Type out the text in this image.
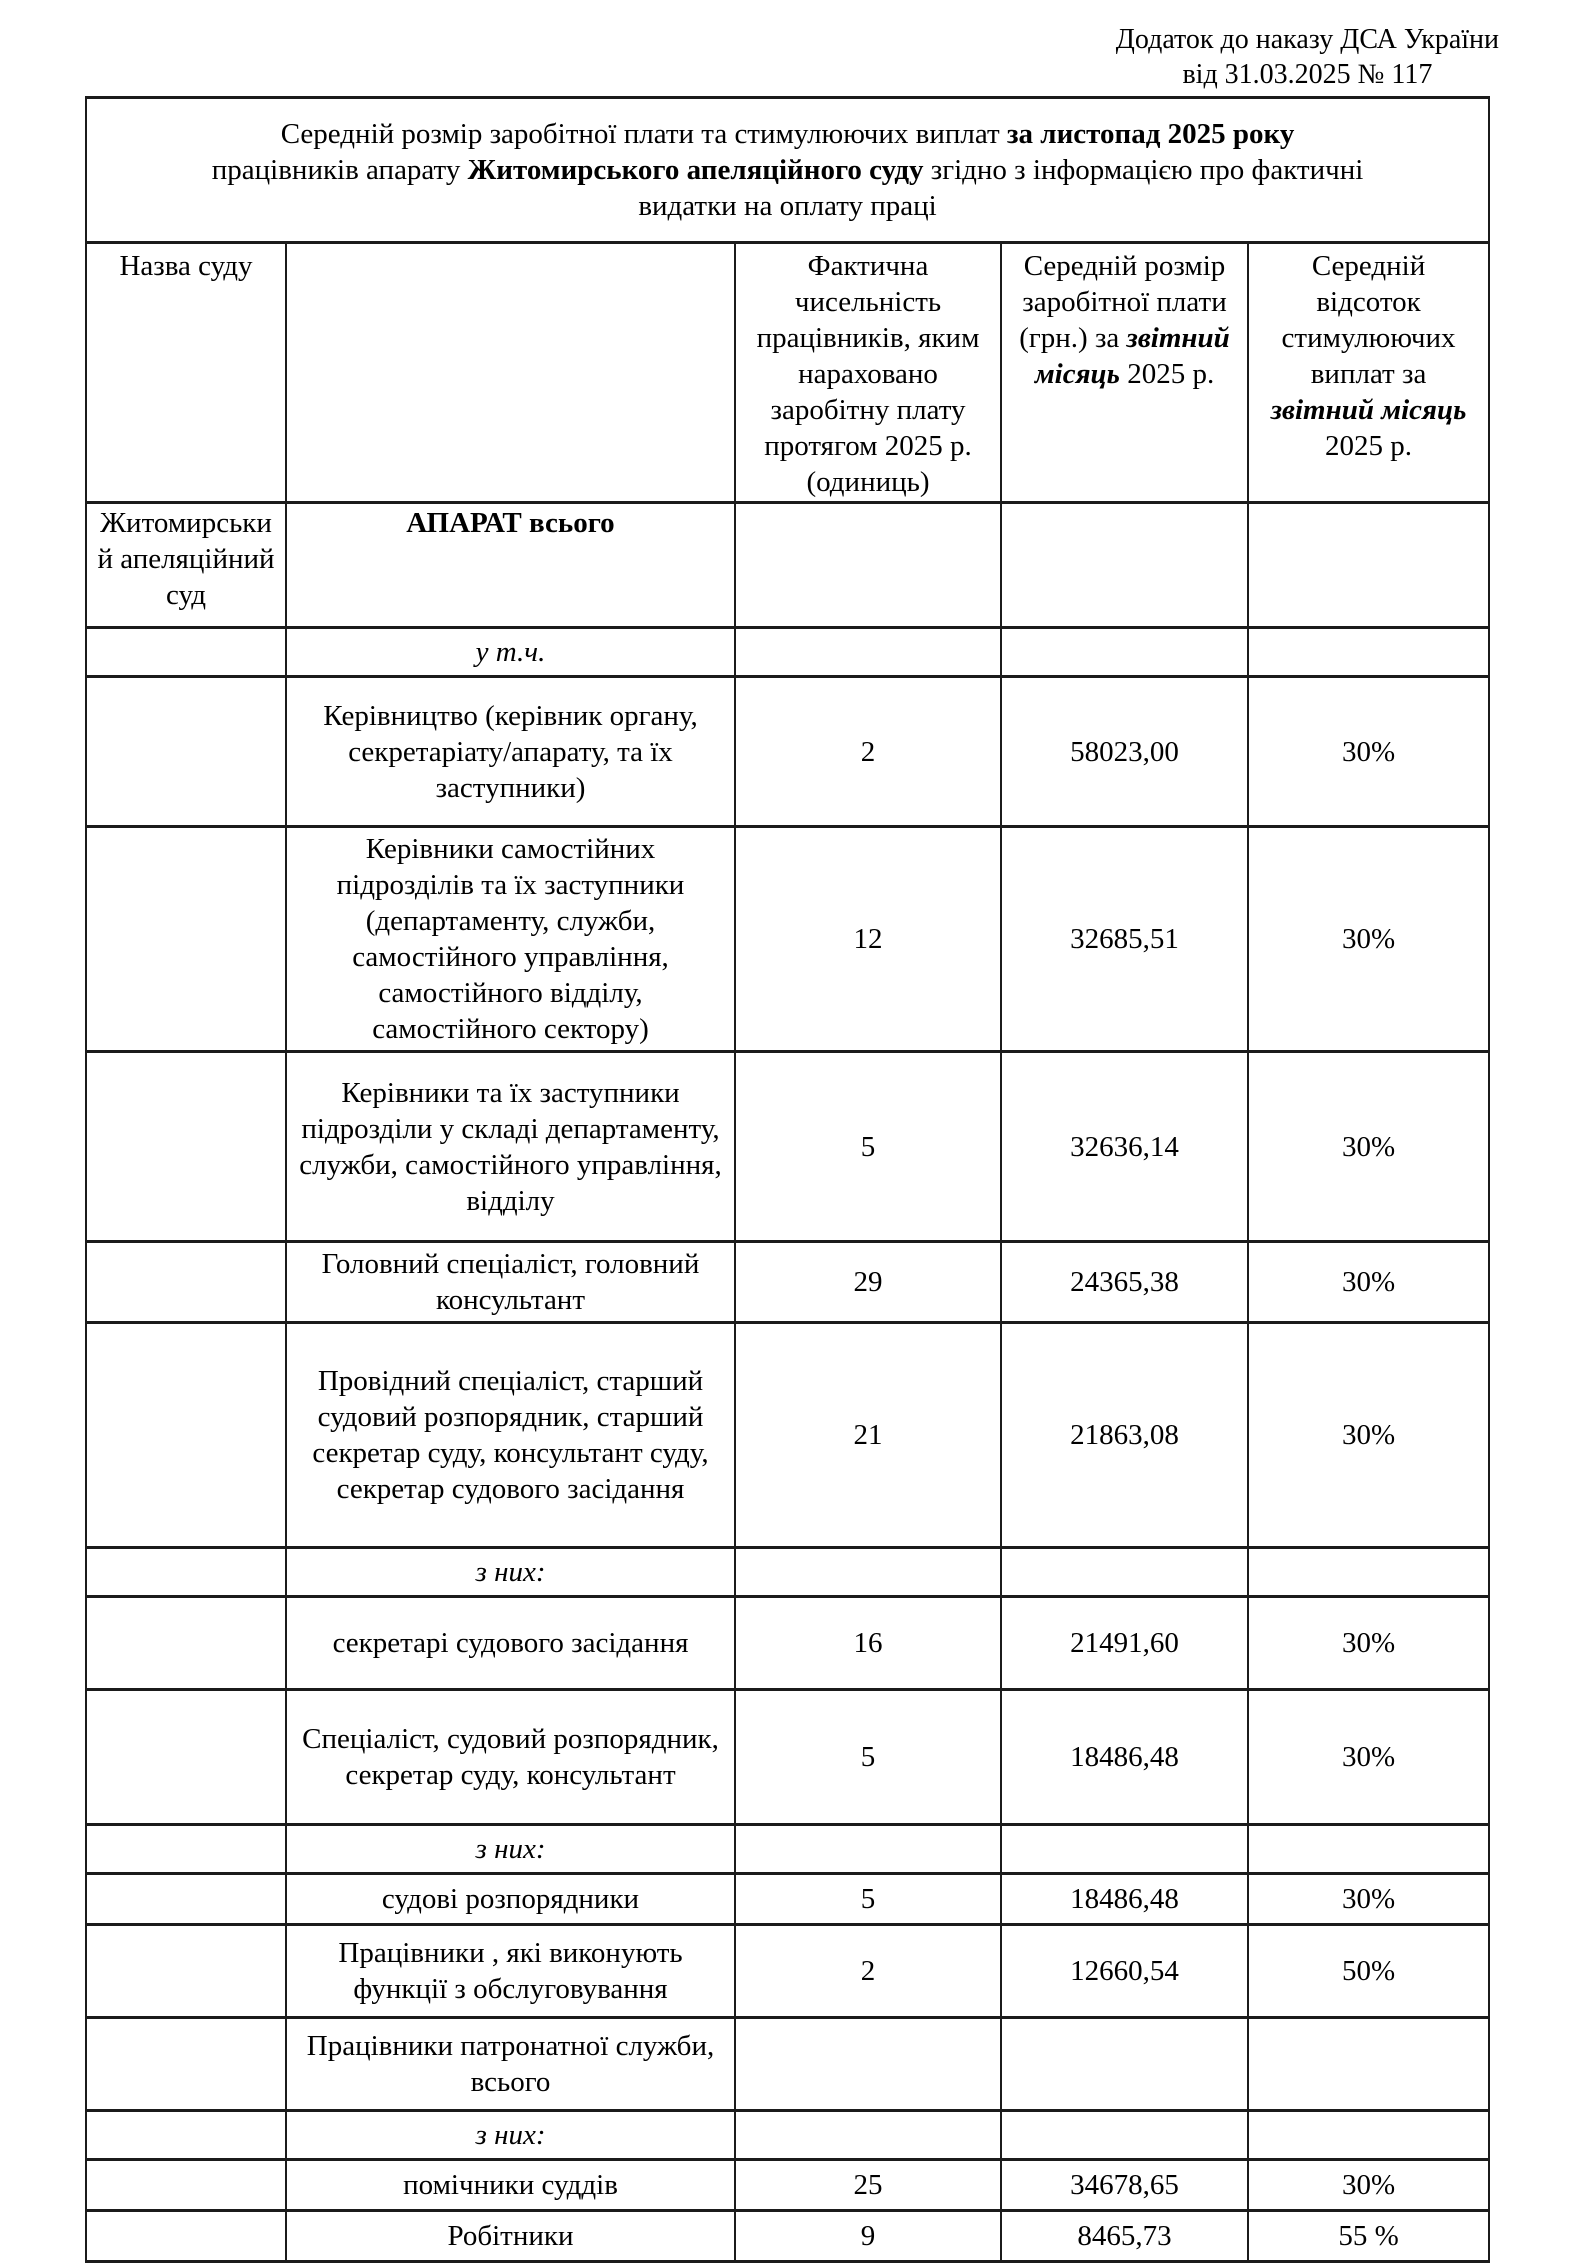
Додаток до наказу ДСА України
від 31.03.2025 № 117
Середній розмір заробітної плати та стимулюючих виплат за листопад 2025 року
працівників апарату Житомирського апеляційного суду згідно з інформацією про фактичні
видатки на оплату праці				
Назва суду		Фактична чисельність працівників, яким нараховано заробітну плату протягом 2025 р. (одиниць)	Середній розмір заробітної плати (грн.) за звітний місяць 2025 р.	Середній відсоток стимулюючих виплат за звітний місяць 2025 р.
Житомирський апеляційний суд	АПАРАТ всього			
	у т.ч.			
	Керівництво (керівник органу, секретаріату/апарату, та їх заступники)	2	58023,00	30%
	Керівники самостійних підрозділів та їх заступники (департаменту, служби, самостійного управління, самостійного відділу, самостійного сектору)	12	32685,51	30%
	Керівники та їх заступники підрозділи у складі департаменту, служби, самостійного управління, відділу	5	32636,14	30%
	Головний спеціаліст, головний консультант	29	24365,38	30%
	Провідний спеціаліст, старший судовий розпорядник, старший секретар суду, консультант суду, секретар судового засідання	21	21863,08	30%
	з них:			
	секретарі судового засідання	16	21491,60	30%
	Спеціаліст, судовий розпорядник, секретар суду, консультант	5	18486,48	30%
	з них:			
	судові розпорядники	5	18486,48	30%
	Працівники , які виконують функції з обслуговування	2	12660,54	50%
	Працівники патронатної служби, всього			
	з них:			
	помічники суддів	25	34678,65	30%
	Робітники	9	8465,73	55 %
